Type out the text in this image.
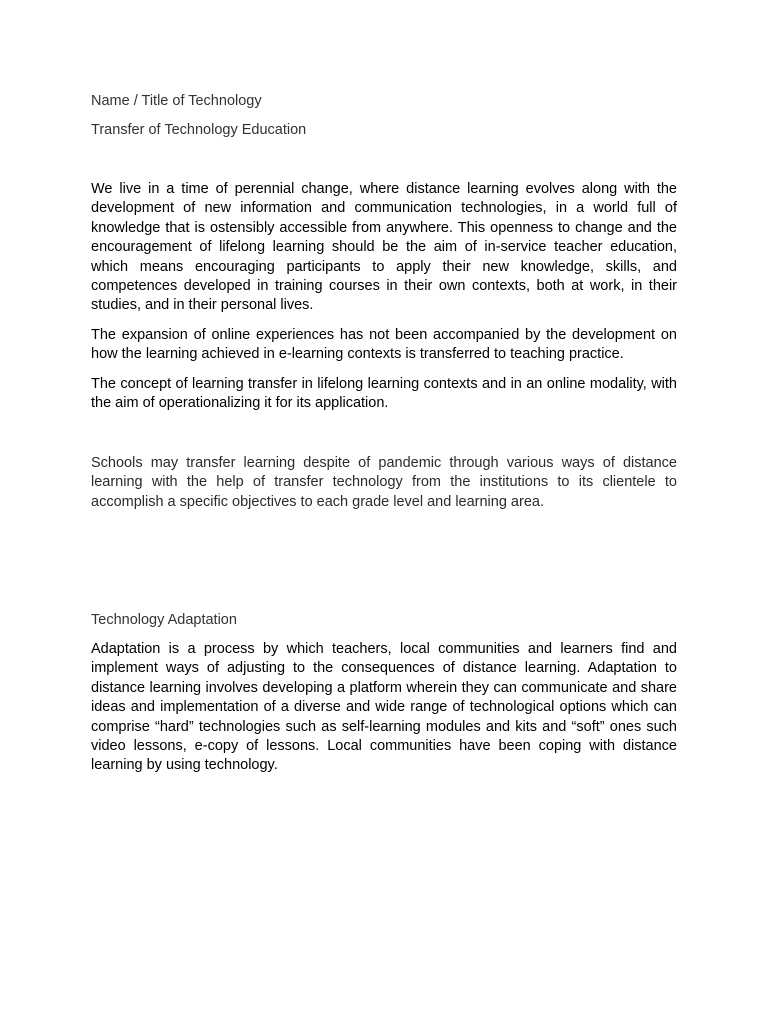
Name / Title of Technology

Transfer of Technology Education

We live in a time of perennial change, where distance learning evolves along with the development of new information and communication technologies, in a world full of knowledge that is ostensibly accessible from anywhere. This openness to change and the encouragement of lifelong learning should be the aim of in-service teacher education, which means encouraging participants to apply their new knowledge, skills, and competences developed in training courses in their own contexts, both at work, in their studies, and in their personal lives.

The expansion of online experiences has not been accompanied by the development on how the learning achieved in e-learning contexts is transferred to teaching practice.

The concept of learning transfer in lifelong learning contexts and in an online modality, with the aim of operationalizing it for its application.

Schools may transfer learning despite of pandemic through various ways of distance learning with the help of transfer technology from the institutions to its clientele to accomplish a specific objectives to each grade level and learning area.

Technology Adaptation

Adaptation is a process by which teachers, local communities and learners find and implement ways of adjusting to the consequences of distance learning. Adaptation to distance learning involves developing a platform wherein they can communicate and share ideas and implementation of a diverse and wide range of technological options which can comprise “hard” technologies such as self-learning modules and kits and “soft” ones such video lessons, e-copy of lessons. Local communities have been coping with distance learning by using technology.
